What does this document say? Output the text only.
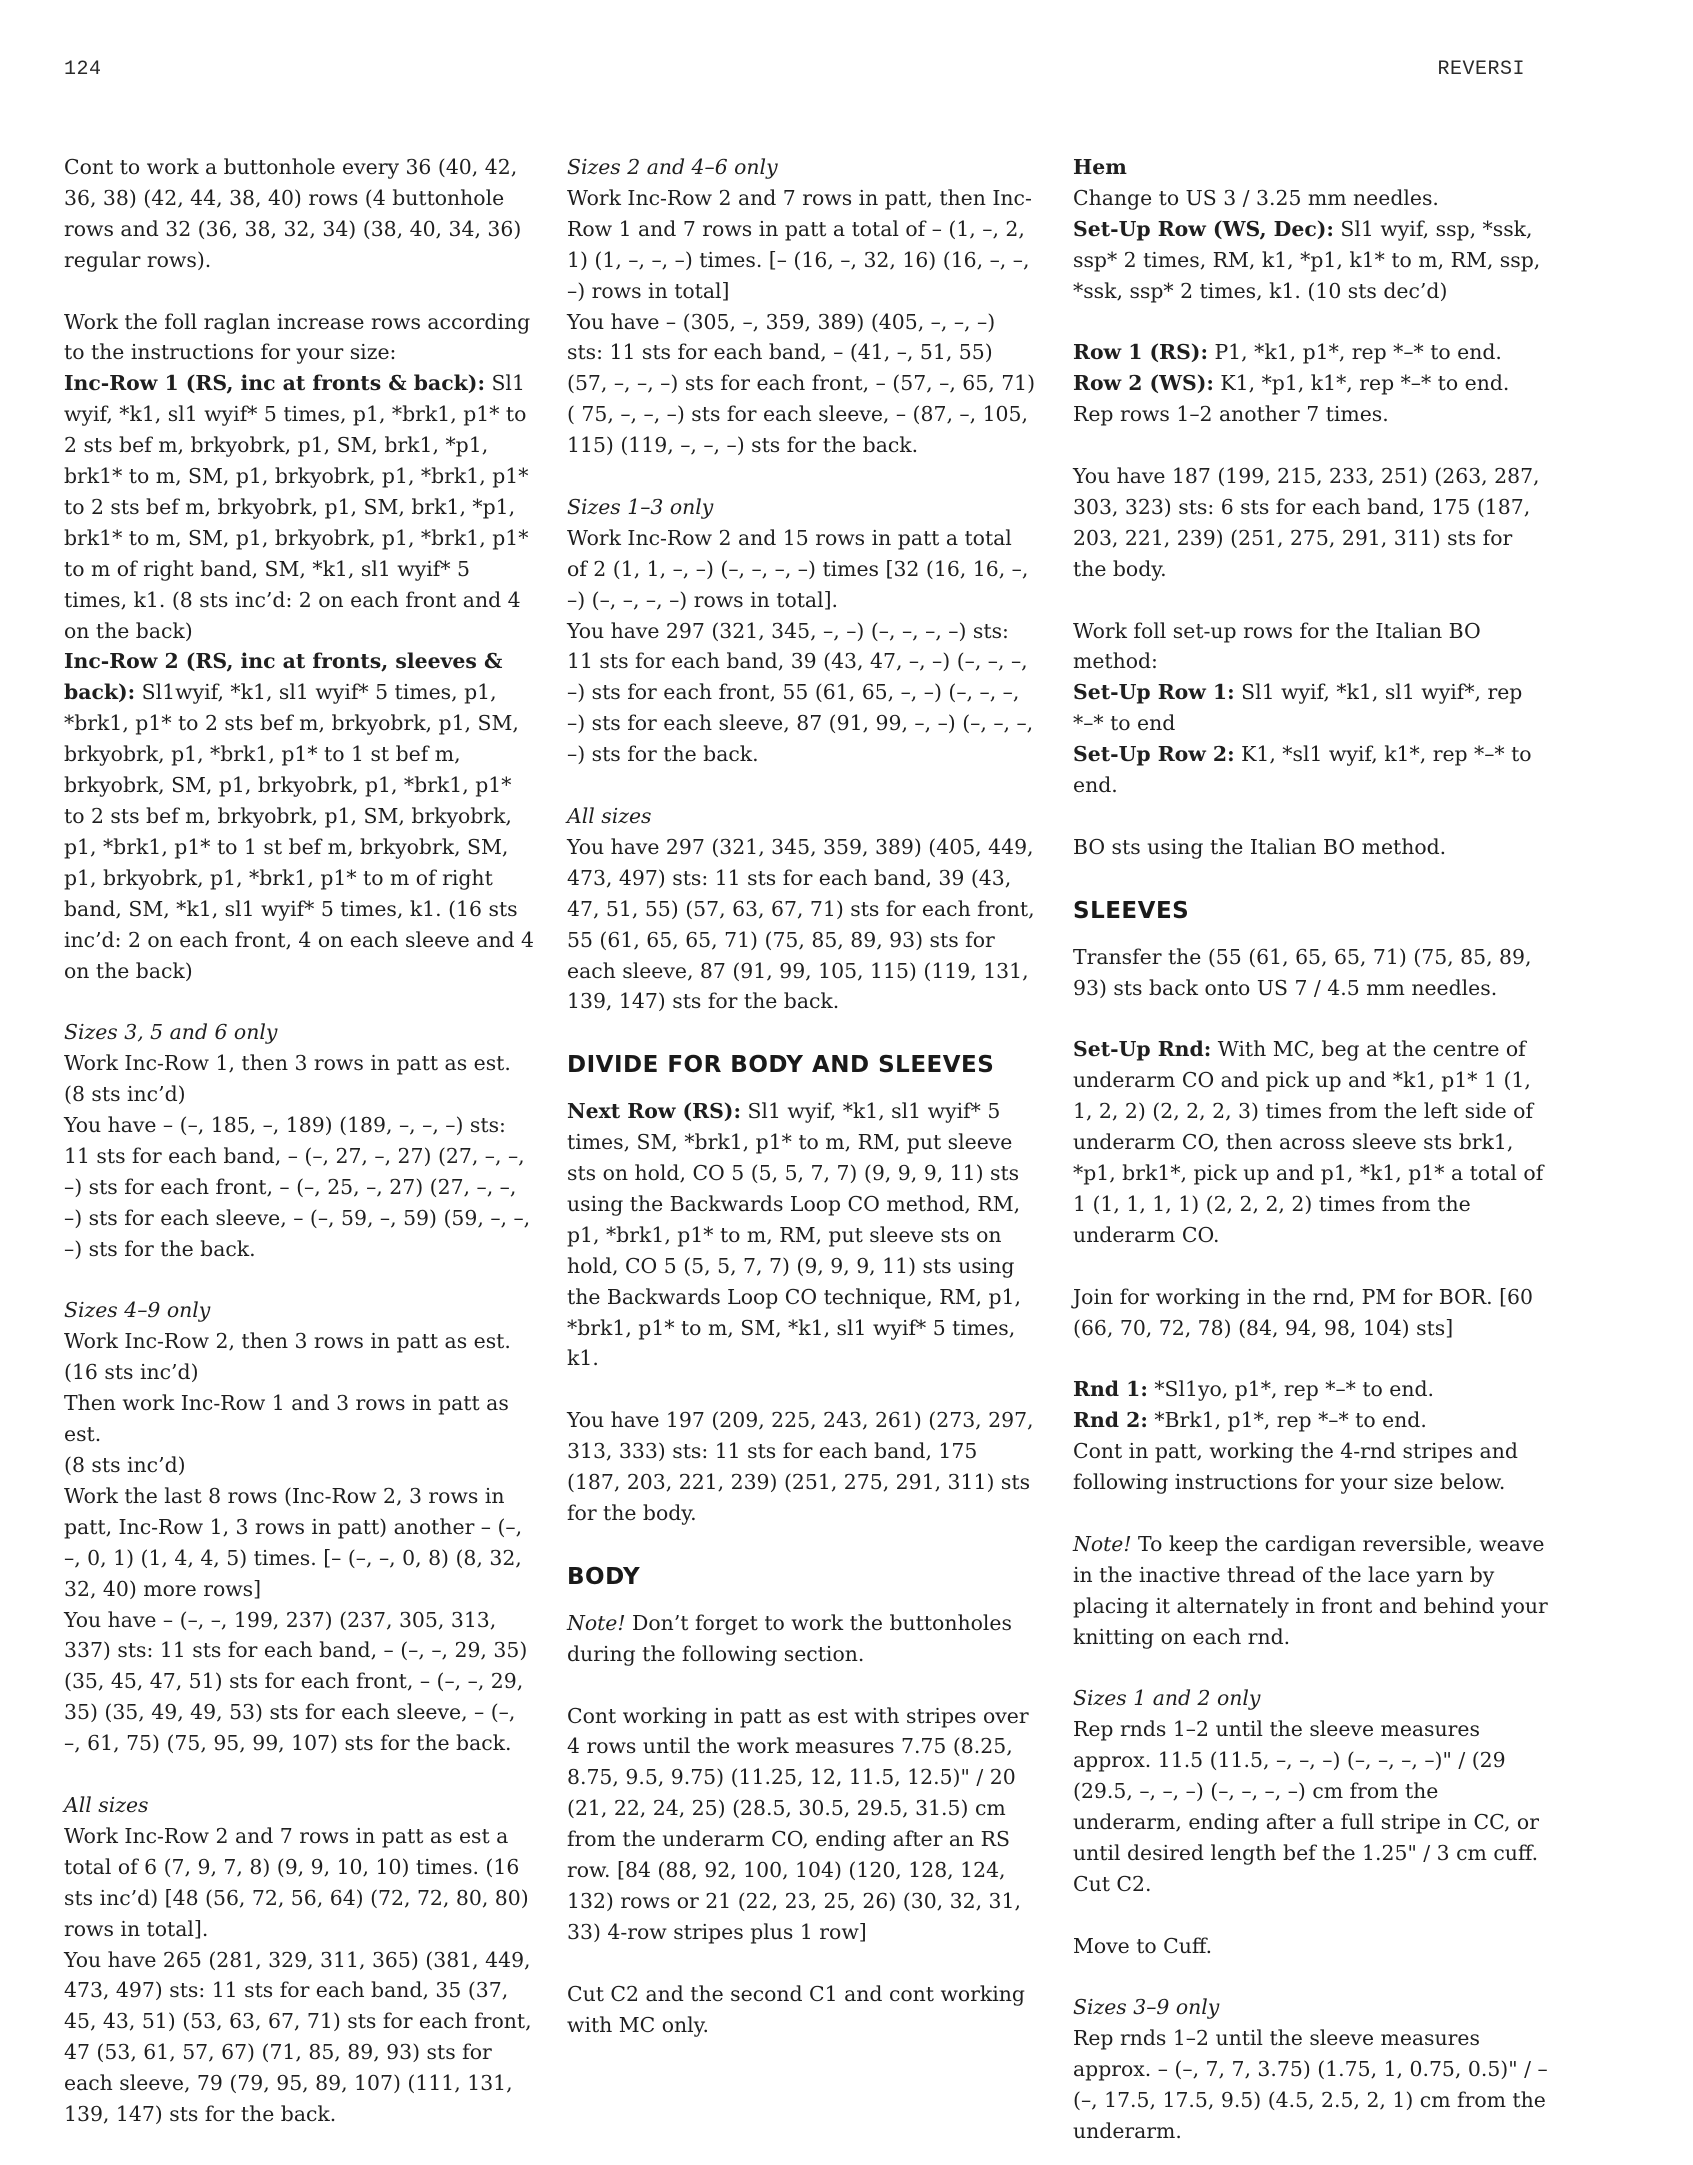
124	REVERSI

Cont to work a buttonhole every 36 (40, 42, 36, 38) (42, 44, 38, 40) rows (4 buttonhole rows and 32 (36, 38, 32, 34) (38, 40, 34, 36) regular rows).

Work the foll raglan increase rows according to the instructions for your size:

Inc-Row 1 (RS, inc at fronts & back): Sl1 wyif, *k1, sl1 wyif* 5 times, p1, *brk1, p1* to 2 sts bef m, brkyobrk, p1, SM, brk1, *p1, brk1* to m, SM, p1, brkyobrk, p1, *brk1, p1* to 2 sts bef m, brkyobrk, p1, SM, brk1, *p1, brk1* to m, SM, p1, brkyobrk, p1, *brk1, p1* to m of right band, SM, *k1, sl1 wyif* 5 times, k1. (8 sts inc’d: 2 on each front and 4 on the back)

Inc-Row 2 (RS, inc at fronts, sleeves & back): Sl1wyif, *k1, sl1 wyif* 5 times, p1, *brk1, p1* to 2 sts bef m, brkyobrk, p1, SM, brkyobrk, p1, *brk1, p1* to 1 st bef m, brkyobrk, SM, p1, brkyobrk, p1, *brk1, p1* to 2 sts bef m, brkyobrk, p1, SM, brkyobrk, p1, *brk1, p1* to 1 st bef m, brkyobrk, SM, p1, brkyobrk, p1, *brk1, p1* to m of right band, SM, *k1, sl1 wyif* 5 times, k1. (16 sts inc’d: 2 on each front, 4 on each sleeve and 4 on the back)

Sizes 3, 5 and 6 only
Work Inc-Row 1, then 3 rows in patt as est.
(8 sts inc’d)
You have – (–, 185, –, 189) (189, –, –, –) sts: 11 sts for each band, – (–, 27, –, 27) (27, –, –, –) sts for each front, – (–, 25, –, 27) (27, –, –, –) sts for each sleeve, – (–, 59, –, 59) (59, –, –, –) sts for the back.

Sizes 4–9 only
Work Inc-Row 2, then 3 rows in patt as est.
(16 sts inc’d)
Then work Inc-Row 1 and 3 rows in patt as est.
(8 sts inc’d)
Work the last 8 rows (Inc-Row 2, 3 rows in patt, Inc-Row 1, 3 rows in patt) another – (–, –, 0, 1) (1, 4, 4, 5) times. [– (–, –, 0, 8) (8, 32, 32, 40) more rows]
You have – (–, –, 199, 237) (237, 305, 313, 337) sts: 11 sts for each band, – (–, –, 29, 35) (35, 45, 47, 51) sts for each front, – (–, –, 29, 35) (35, 49, 49, 53) sts for each sleeve, – (–, –, 61, 75) (75, 95, 99, 107) sts for the back.

All sizes
Work Inc-Row 2 and 7 rows in patt as est a total of 6 (7, 9, 7, 8) (9, 9, 10, 10) times. (16 sts inc’d) [48 (56, 72, 56, 64) (72, 72, 80, 80) rows in total].
You have 265 (281, 329, 311, 365) (381, 449, 473, 497) sts: 11 sts for each band, 35 (37, 45, 43, 51) (53, 63, 67, 71) sts for each front, 47 (53, 61, 57, 67) (71, 85, 89, 93) sts for each sleeve, 79 (79, 95, 89, 107) (111, 131, 139, 147) sts for the back.

Sizes 2 and 4–6 only
Work Inc-Row 2 and 7 rows in patt, then Inc-Row 1 and 7 rows in patt a total of – (1, –, 2, 1) (1, –, –, –) times. [– (16, –, 32, 16) (16, –, –, –) rows in total]
You have – (305, –, 359, 389) (405, –, –, –) sts: 11 sts for each band, – (41, –, 51, 55) (57, –, –, –) sts for each front, – (57, –, 65, 71) ( 75, –, –, –) sts for each sleeve, – (87, –, 105, 115) (119, –, –, –) sts for the back.

Sizes 1–3 only
Work Inc-Row 2 and 15 rows in patt a total of 2 (1, 1, –, –) (–, –, –, –) times [32 (16, 16, –, –) (–, –, –, –) rows in total].
You have 297 (321, 345, –, –) (–, –, –, –) sts: 11 sts for each band, 39 (43, 47, –, –) (–, –, –, –) sts for each front, 55 (61, 65, –, –) (–, –, –, –) sts for each sleeve, 87 (91, 99, –, –) (–, –, –, –) sts for the back.

All sizes
You have 297 (321, 345, 359, 389) (405, 449, 473, 497) sts: 11 sts for each band, 39 (43, 47, 51, 55) (57, 63, 67, 71) sts for each front, 55 (61, 65, 65, 71) (75, 85, 89, 93) sts for each sleeve, 87 (91, 99, 105, 115) (119, 131, 139, 147) sts for the back.

DIVIDE FOR BODY AND SLEEVES

Next Row (RS): Sl1 wyif, *k1, sl1 wyif* 5 times, SM, *brk1, p1* to m, RM, put sleeve sts on hold, CO 5 (5, 5, 7, 7) (9, 9, 9, 11) sts using the Backwards Loop CO method, RM, p1, *brk1, p1* to m, RM, put sleeve sts on hold, CO 5 (5, 5, 7, 7) (9, 9, 9, 11) sts using the Backwards Loop CO technique, RM, p1, *brk1, p1* to m, SM, *k1, sl1 wyif* 5 times, k1.

You have 197 (209, 225, 243, 261) (273, 297, 313, 333) sts: 11 sts for each band, 175 (187, 203, 221, 239) (251, 275, 291, 311) sts for the body.

BODY

Note! Don’t forget to work the buttonholes during the following section.

Cont working in patt as est with stripes over 4 rows until the work measures 7.75 (8.25, 8.75, 9.5, 9.75) (11.25, 12, 11.5, 12.5)" / 20 (21, 22, 24, 25) (28.5, 30.5, 29.5, 31.5) cm from the underarm CO, ending after an RS row. [84 (88, 92, 100, 104) (120, 128, 124, 132) rows or 21 (22, 23, 25, 26) (30, 32, 31, 33) 4-row stripes plus 1 row]

Cut C2 and the second C1 and cont working with MC only.

Hem
Change to US 3 / 3.25 mm needles.
Set-Up Row (WS, Dec): Sl1 wyif, ssp, *ssk, ssp* 2 times, RM, k1, *p1, k1* to m, RM, ssp, *ssk, ssp* 2 times, k1. (10 sts dec’d)

Row 1 (RS): P1, *k1, p1*, rep *–* to end.
Row 2 (WS): K1, *p1, k1*, rep *–* to end.
Rep rows 1–2 another 7 times.

You have 187 (199, 215, 233, 251) (263, 287, 303, 323) sts: 6 sts for each band, 175 (187, 203, 221, 239) (251, 275, 291, 311) sts for the body.

Work foll set-up rows for the Italian BO method:
Set-Up Row 1: Sl1 wyif, *k1, sl1 wyif*, rep *–* to end
Set-Up Row 2: K1, *sl1 wyif, k1*, rep *–* to end.

BO sts using the Italian BO method.

SLEEVES

Transfer the (55 (61, 65, 65, 71) (75, 85, 89, 93) sts back onto US 7 / 4.5 mm needles.

Set-Up Rnd: With MC, beg at the centre of underarm CO and pick up and *k1, p1* 1 (1, 1, 2, 2) (2, 2, 2, 3) times from the left side of underarm CO, then across sleeve sts brk1, *p1, brk1*, pick up and p1, *k1, p1* a total of 1 (1, 1, 1, 1) (2, 2, 2, 2) times from the underarm CO.

Join for working in the rnd, PM for BOR. [60 (66, 70, 72, 78) (84, 94, 98, 104) sts]

Rnd 1: *Sl1yo, p1*, rep *–* to end.
Rnd 2: *Brk1, p1*, rep *–* to end.
Cont in patt, working the 4-rnd stripes and following instructions for your size below.

Note! To keep the cardigan reversible, weave in the inactive thread of the lace yarn by placing it alternately in front and behind your knitting on each rnd.

Sizes 1 and 2 only
Rep rnds 1–2 until the sleeve measures approx. 11.5 (11.5, –, –, –) (–, –, –, –)" / (29 (29.5, –, –, –) (–, –, –, –) cm from the underarm, ending after a full stripe in CC, or until desired length bef the 1.25" / 3 cm cuff. Cut C2.

Move to Cuff.

Sizes 3–9 only
Rep rnds 1–2 until the sleeve measures approx. – (–, 7, 7, 3.75) (1.75, 1, 0.75, 0.5)" / – (–, 17.5, 17.5, 9.5) (4.5, 2.5, 2, 1) cm from the underarm.
